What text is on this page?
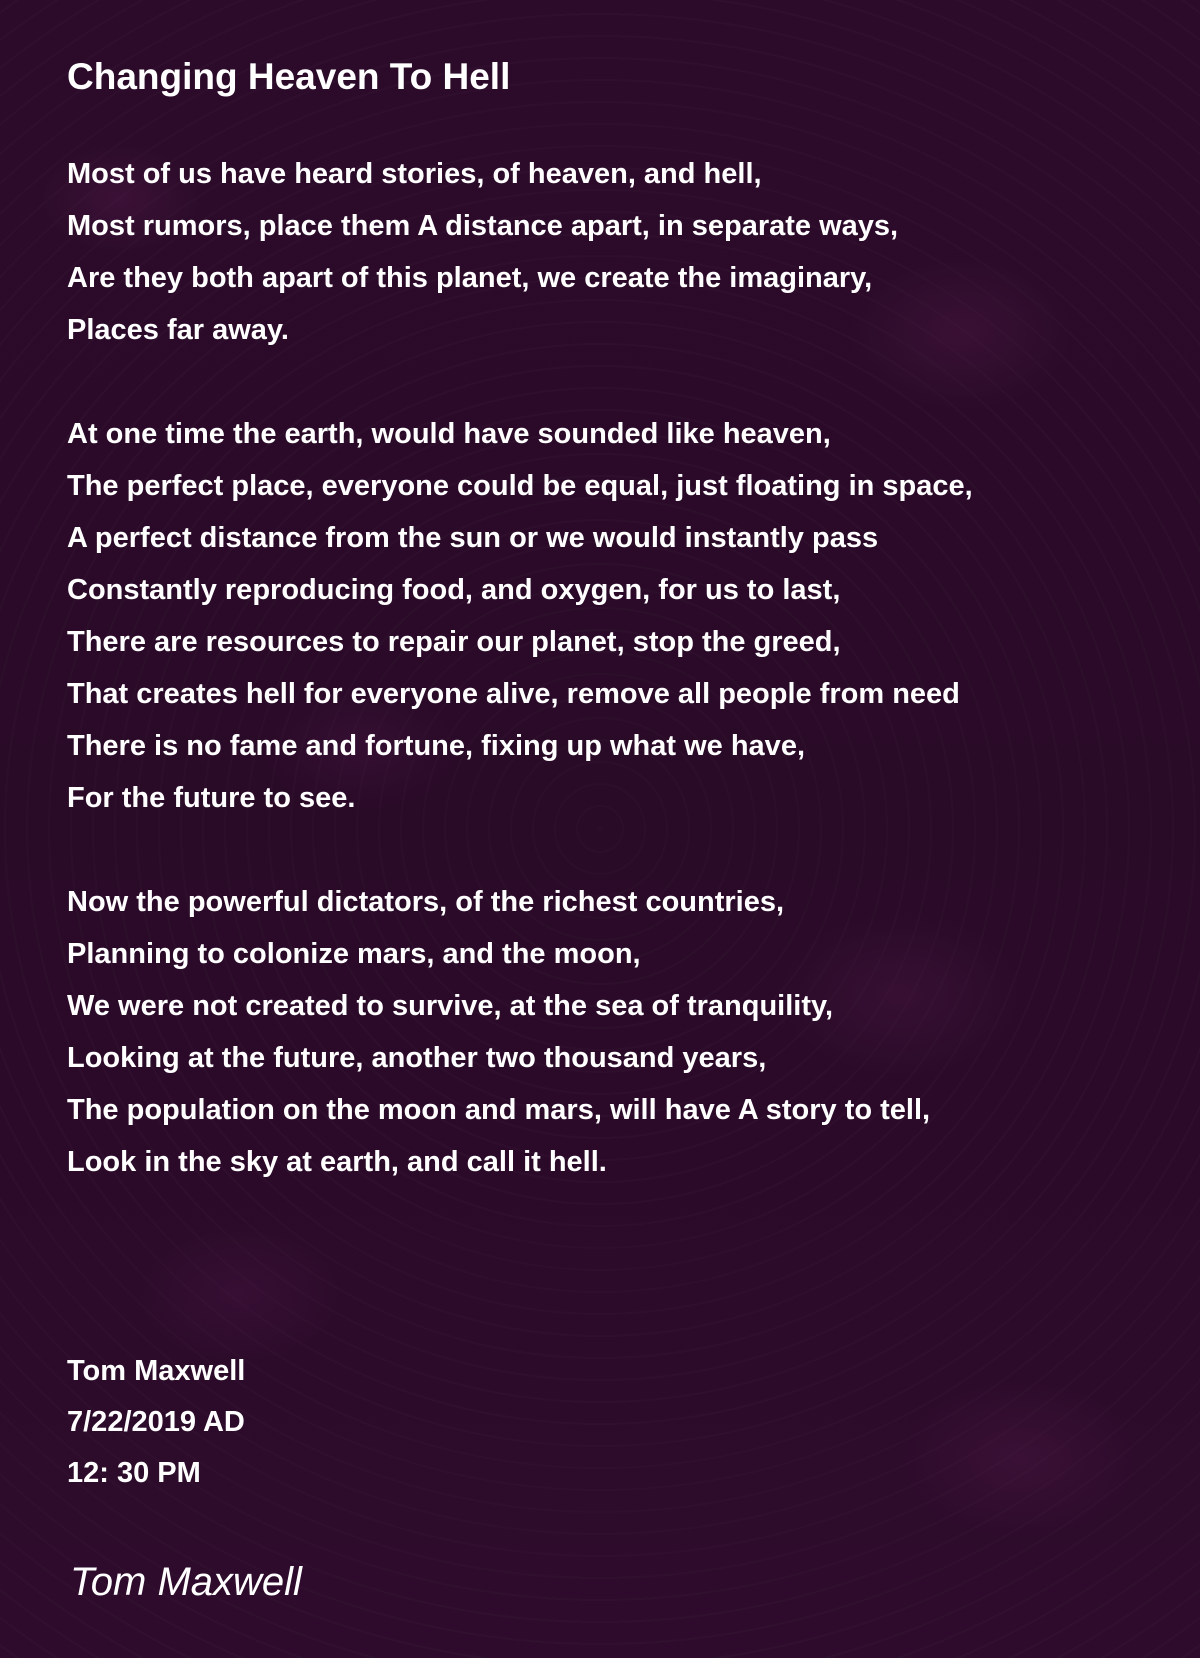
Changing Heaven To Hell
Most of us have heard stories, of heaven, and hell,
Most rumors, place them A distance apart, in separate ways,
Are they both apart of this planet, we create the imaginary,
Places far away.
At one time the earth, would have sounded like heaven,
The perfect place, everyone could be equal, just floating in space,
A perfect distance from the sun or we would instantly pass
Constantly reproducing food, and oxygen, for us to last,
There are resources to repair our planet, stop the greed,
That creates hell for everyone alive, remove all people from need
There is no fame and fortune, fixing up what we have,
For the future to see.
Now the powerful dictators, of the richest countries,
Planning to colonize mars, and the moon,
We were not created to survive, at the sea of tranquility,
Looking at the future, another two thousand years,
The population on the moon and mars, will have A story to tell,
Look in the sky at earth, and call it hell.
Tom Maxwell
7/22/2019 AD
12: 30 PM
Tom Maxwell
